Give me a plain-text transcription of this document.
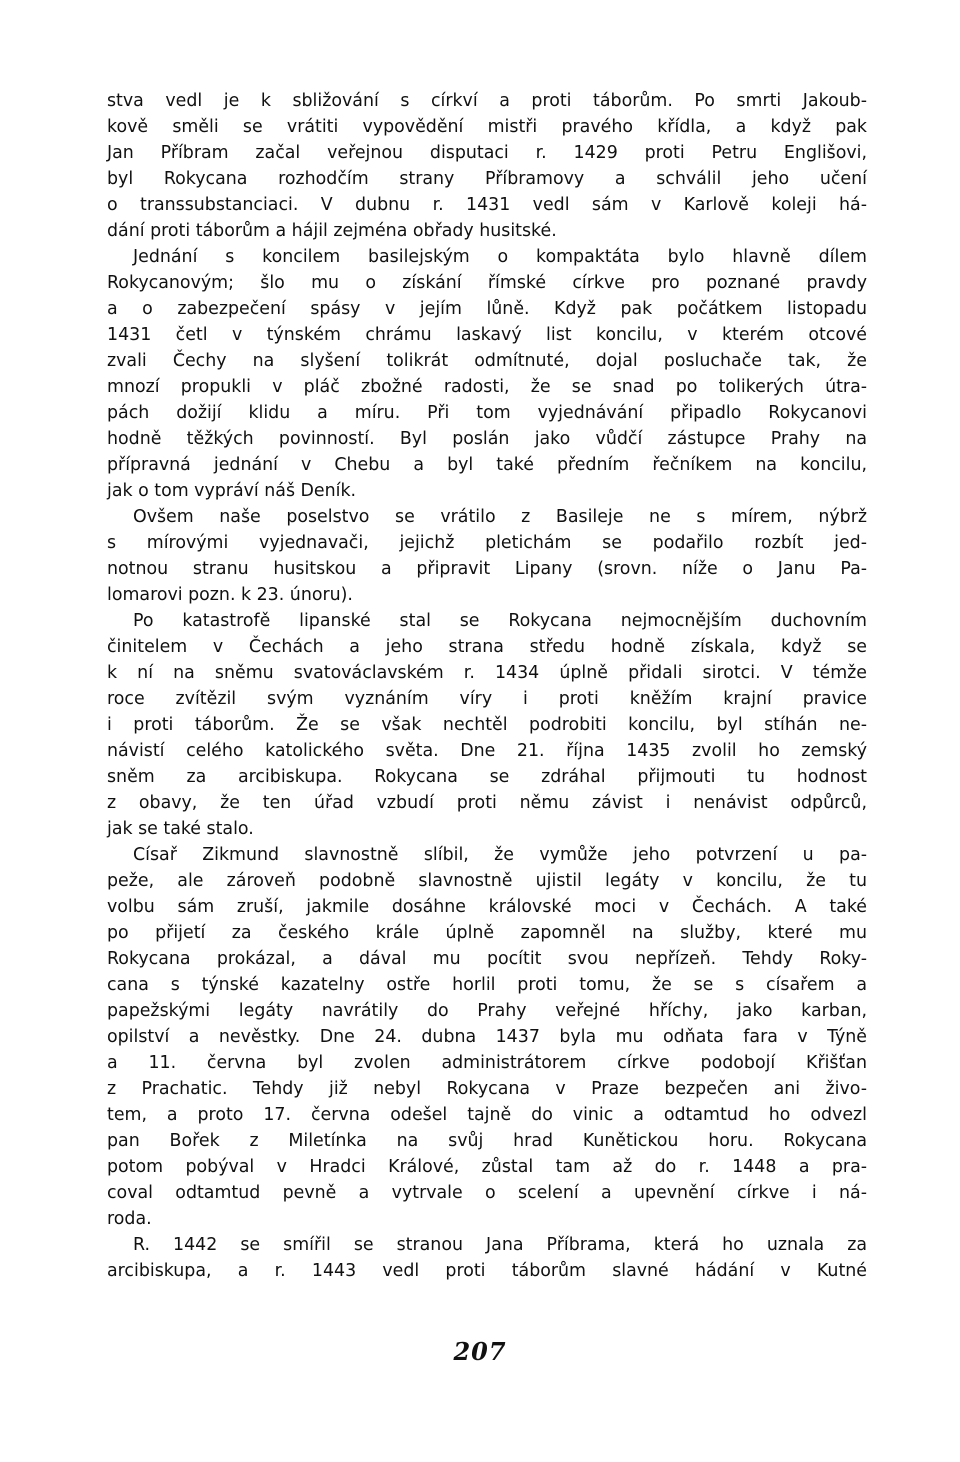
stva vedl je k sbližování s církví a proti táborům. Po smrti Jakoub-
kově směli se vrátiti vypovědění mistři pravého křídla, a když pak
Jan Příbram začal veřejnou disputaci r. 1429 proti Petru Englišovi,
byl Rokycana rozhodčím strany Příbramovy a schválil jeho učení
o transsubstanciaci. V dubnu r. 1431 vedl sám v Karlově koleji há-
dání proti táborům a hájil zejména obřady husitské.
Jednání s koncilem basilejským o kompaktáta bylo hlavně dílem
Rokycanovým; šlo mu o získání římské církve pro poznané pravdy
a o zabezpečení spásy v jejím lůně. Když pak počátkem listopadu
1431 četl v týnském chrámu laskavý list koncilu, v kterém otcové
zvali Čechy na slyšení tolikrát odmítnuté, dojal posluchače tak, že
mnozí propukli v pláč zbožné radosti, že se snad po tolikerých útra-
pách dožijí klidu a míru. Při tom vyjednávání připadlo Rokycanovi
hodně těžkých povinností. Byl poslán jako vůdčí zástupce Prahy na
přípravná jednání v Chebu a byl také předním řečníkem na koncilu,
jak o tom vypráví náš Deník.
Ovšem naše poselstvo se vrátilo z Basileje ne s mírem, nýbrž
s mírovými vyjednavači, jejichž pletichám se podařilo rozbít jed-
notnou stranu husitskou a připravit Lipany (srovn. níže o Janu Pa-
lomarovi pozn. k 23. únoru).
Po katastrofě lipanské stal se Rokycana nejmocnějším duchovním
činitelem v Čechách a jeho strana středu hodně získala, když se
k ní na sněmu svatováclavském r. 1434 úplně přidali sirotci. V témže
roce zvítězil svým vyznáním víry i proti kněžím krajní pravice
i proti táborům. Že se však nechtěl podrobiti koncilu, byl stíhán ne-
návistí celého katolického světa. Dne 21. října 1435 zvolil ho zemský
sněm za arcibiskupa. Rokycana se zdráhal přijmouti tu hodnost
z obavy, že ten úřad vzbudí proti němu závist i nenávist odpůrců,
jak se také stalo.
Císař Zikmund slavnostně slíbil, že vymůže jeho potvrzení u pa-
peže, ale zároveň podobně slavnostně ujistil legáty v koncilu, že tu
volbu sám zruší, jakmile dosáhne královské moci v Čechách. A také
po přijetí za českého krále úplně zapomněl na služby, které mu
Rokycana prokázal, a dával mu pocítit svou nepřízeň. Tehdy Roky-
cana s týnské kazatelny ostře horlil proti tomu, že se s císařem a
papežskými legáty navrátily do Prahy veřejné hříchy, jako karban,
opilství a nevěstky. Dne 24. dubna 1437 byla mu odňata fara v Týně
a 11. června byl zvolen administrátorem církve podobojí Křišťan
z Prachatic. Tehdy již nebyl Rokycana v Praze bezpečen ani živo-
tem, a proto 17. června odešel tajně do vinic a odtamtud ho odvezl
pan Bořek z Miletínka na svůj hrad Kunětickou horu. Rokycana
potom pobýval v Hradci Králové, zůstal tam až do r. 1448 a pra-
coval odtamtud pevně a vytrvale o scelení a upevnění církve i ná-
roda.
R. 1442 se smířil se stranou Jana Příbrama, která ho uznala za
arcibiskupa, a r. 1443 vedl proti táborům slavné hádání v Kutné
207
